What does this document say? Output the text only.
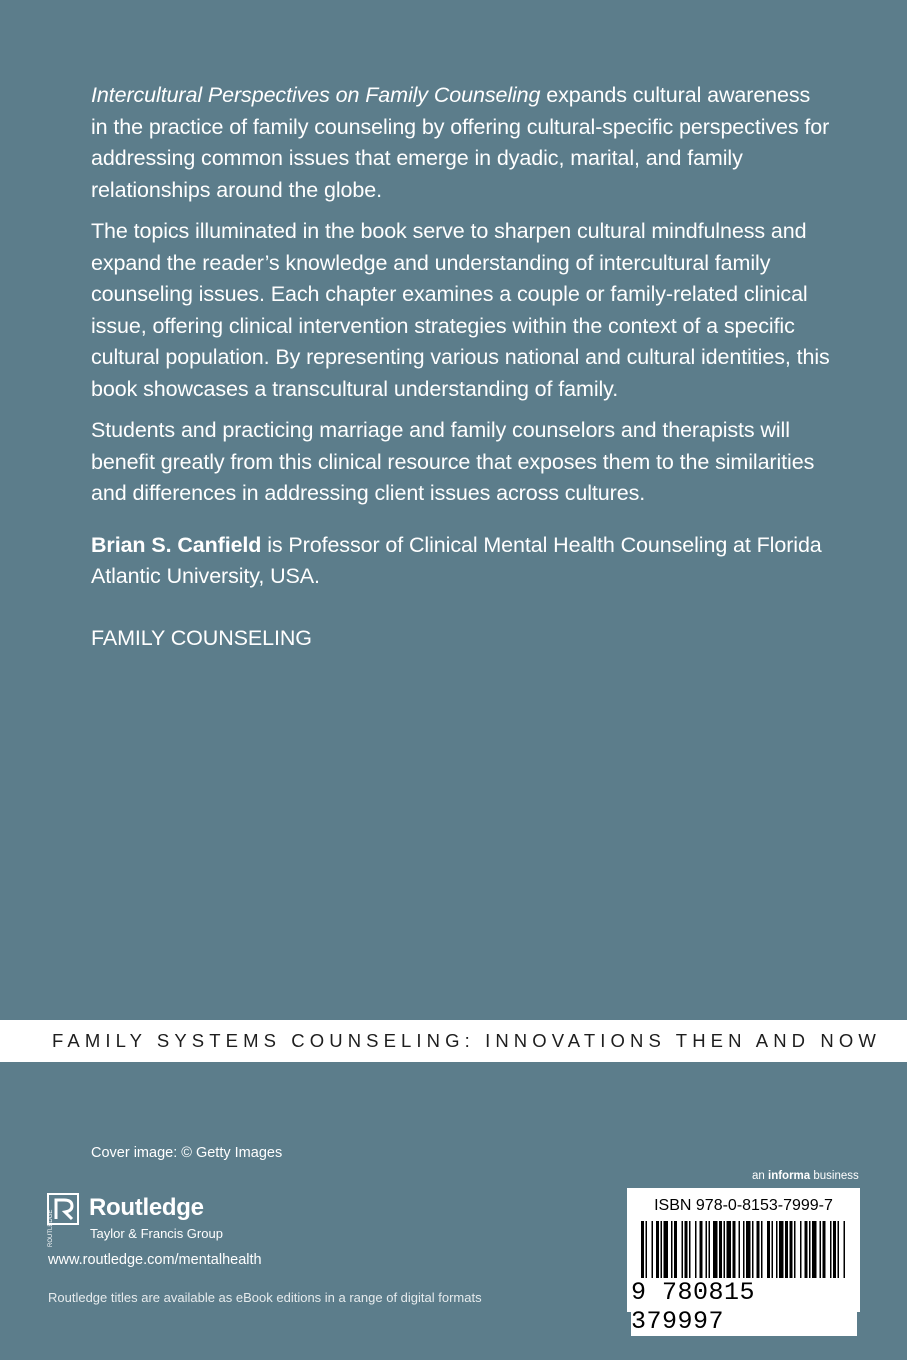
Intercultural Perspectives on Family Counseling expands cultural awareness in the practice of family counseling by offering cultural-specific perspectives for addressing common issues that emerge in dyadic, marital, and family relationships around the globe.

The topics illuminated in the book serve to sharpen cultural mindfulness and expand the reader’s knowledge and understanding of intercultural family counseling issues. Each chapter examines a couple or family-related clinical issue, offering clinical intervention strategies within the context of a specific cultural population. By representing various national and cultural identities, this book showcases a transcultural understanding of family.

Students and practicing marriage and family counselors and therapists will benefit greatly from this clinical resource that exposes them to the similarities and differences in addressing client issues across cultures.

Brian S. Canfield is Professor of Clinical Mental Health Counseling at Florida Atlantic University, USA.

FAMILY COUNSELING

FAMILY SYSTEMS COUNSELING: INNOVATIONS THEN AND NOW
Cover image: © Getty Images
ROUTLEDGE
Routledge
Taylor & Francis Group
www.routledge.com/mentalhealth
Routledge titles are available as eBook editions in a range of digital formats
an informa business
ISBN 978-0-8153-7999-7
9 780815 379997
